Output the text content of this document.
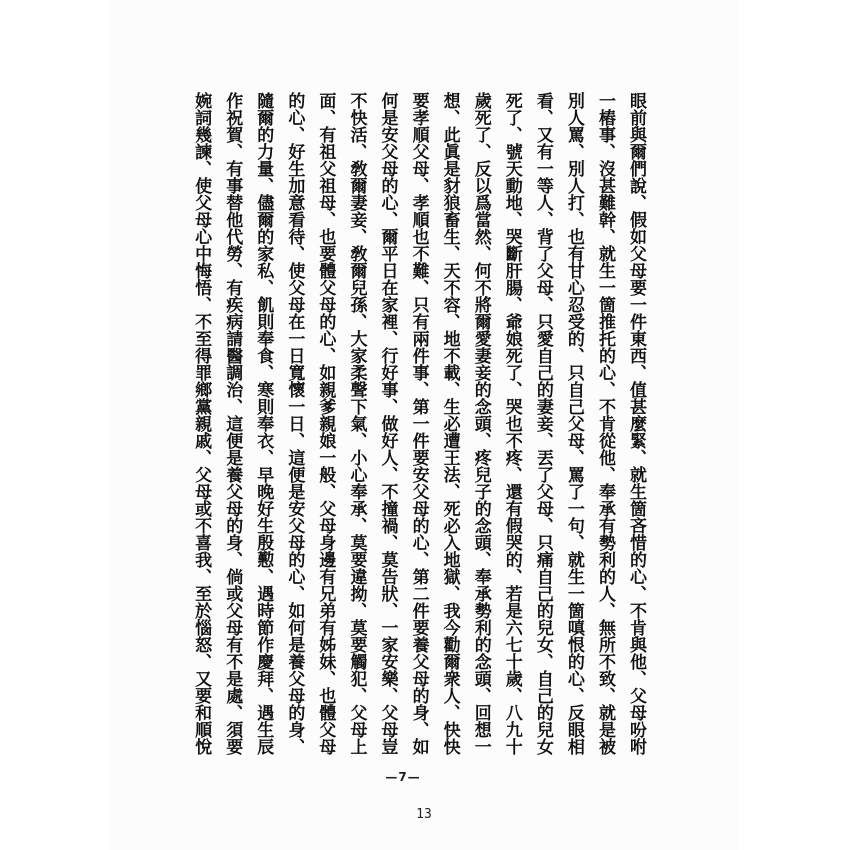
眼前與爾們說、假如父母要一件東西、值甚麼緊、就生箇吝惜的心、不肯與他、父母吩咐
一樁事、沒甚難幹、就生一箇推托的心、不肯從他、奉承有勢利的人、無所不致、就是被
別人罵、別人打、也有甘心忍受的、只自己父母、罵了一句、就生一箇嗔恨的心、反眼相
看、又有一等人、背了父母、只愛自己的妻妾、丟了父母、只痛自己的兒女、自己的兒女
死了、號天動地、哭斷肝腸、爺娘死了、哭也不疼、還有假哭的、若是六七十歲、八九十
歲死了、反以爲當然、何不將爾愛妻妾的念頭、疼兒子的念頭、奉承勢利的念頭、回想一
想、此眞是豺狼畜生、天不容、地不載、生必遭王法、死必入地獄、我今勸爾衆人、快快
要孝順父母、孝順也不難、只有兩件事、第一件要安父母的心、第二件要養父母的身、如
何是安父母的心、爾平日在家裡、行好事、做好人、不撞禍、莫告狀、一家安樂、父母豈
不快活、敎爾妻妾、敎爾兒孫、大家柔聲下氣、小心奉承、莫要違拗、莫要觸犯、父母上
面、有祖父祖母、也要體父母的心、如親爹親娘一般、父母身邊有兄弟有姊妹、也體父母
的心、好生加意看待、使父母在一日寬懷一日、這便是安父母的心、如何是養父母的身、
隨爾的力量、儘爾的家私、飢則奉食、寒則奉衣、早晚好生殷懃、遇時節作慶拜、遇生辰
作祝賀、有事替他代勞、有疾病請醫調治、這便是養父母的身、倘或父母有不是處、須要
婉詞幾諫、使父母心中悔悟、不至得罪鄉黨親戚、父母或不喜我、至於惱怒、又要和順悅
—7—
13
